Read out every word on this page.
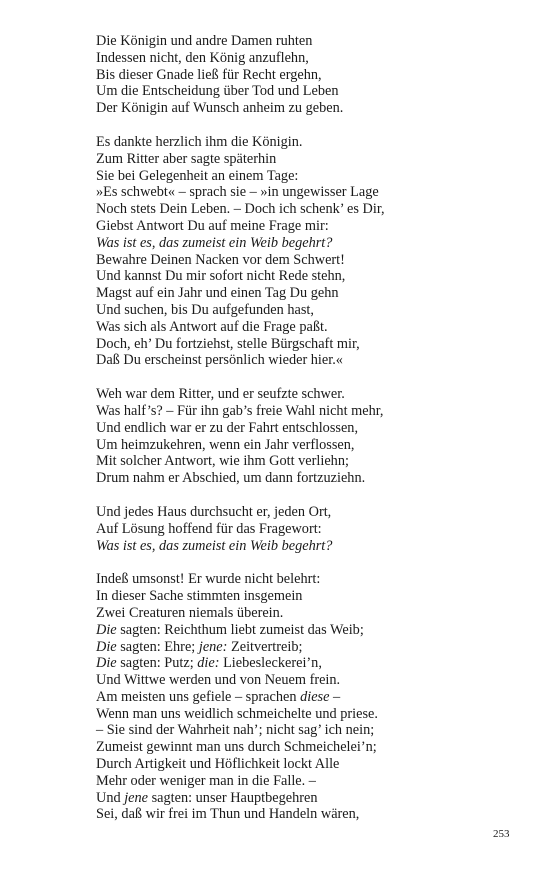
Die Königin und andre Damen ruhten
Indessen nicht, den König anzuflehn,
Bis dieser Gnade ließ für Recht ergehn,
Um die Entscheidung über Tod und Leben
Der Königin auf Wunsch anheim zu geben.
Es dankte herzlich ihm die Königin.
Zum Ritter aber sagte späterhin
Sie bei Gelegenheit an einem Tage:
»Es schwebt« – sprach sie – »in ungewisser Lage
Noch stets Dein Leben. – Doch ich schenk’ es Dir,
Giebst Antwort Du auf meine Frage mir:
Was ist es, das zumeist ein Weib begehrt?
Bewahre Deinen Nacken vor dem Schwert!
Und kannst Du mir sofort nicht Rede stehn,
Magst auf ein Jahr und einen Tag Du gehn
Und suchen, bis Du aufgefunden hast,
Was sich als Antwort auf die Frage paßt.
Doch, eh’ Du fortziehst, stelle Bürgschaft mir,
Daß Du erscheinst persönlich wieder hier.«
Weh war dem Ritter, und er seufzte schwer.
Was half’s? – Für ihn gab’s freie Wahl nicht mehr,
Und endlich war er zu der Fahrt entschlossen,
Um heimzukehren, wenn ein Jahr verflossen,
Mit solcher Antwort, wie ihm Gott verliehn;
Drum nahm er Abschied, um dann fortzuziehn.
Und jedes Haus durchsucht er, jeden Ort,
Auf Lösung hoffend für das Fragewort:
Was ist es, das zumeist ein Weib begehrt?
Indeß umsonst! Er wurde nicht belehrt:
In dieser Sache stimmten insgemein
Zwei Creaturen niemals überein.
Die sagten: Reichthum liebt zumeist das Weib;
Die sagten: Ehre; jene: Zeitvertreib;
Die sagten: Putz; die: Liebesleckerei’n,
Und Wittwe werden und von Neuem frein.
Am meisten uns gefiele – sprachen diese –
Wenn man uns weidlich schmeichelte und priese.
– Sie sind der Wahrheit nah’; nicht sag’ ich nein;
Zumeist gewinnt man uns durch Schmeichelei’n;
Durch Artigkeit und Höflichkeit lockt Alle
Mehr oder weniger man in die Falle. –
Und jene sagten: unser Hauptbegehren
Sei, daß wir frei im Thun und Handeln wären,
253
